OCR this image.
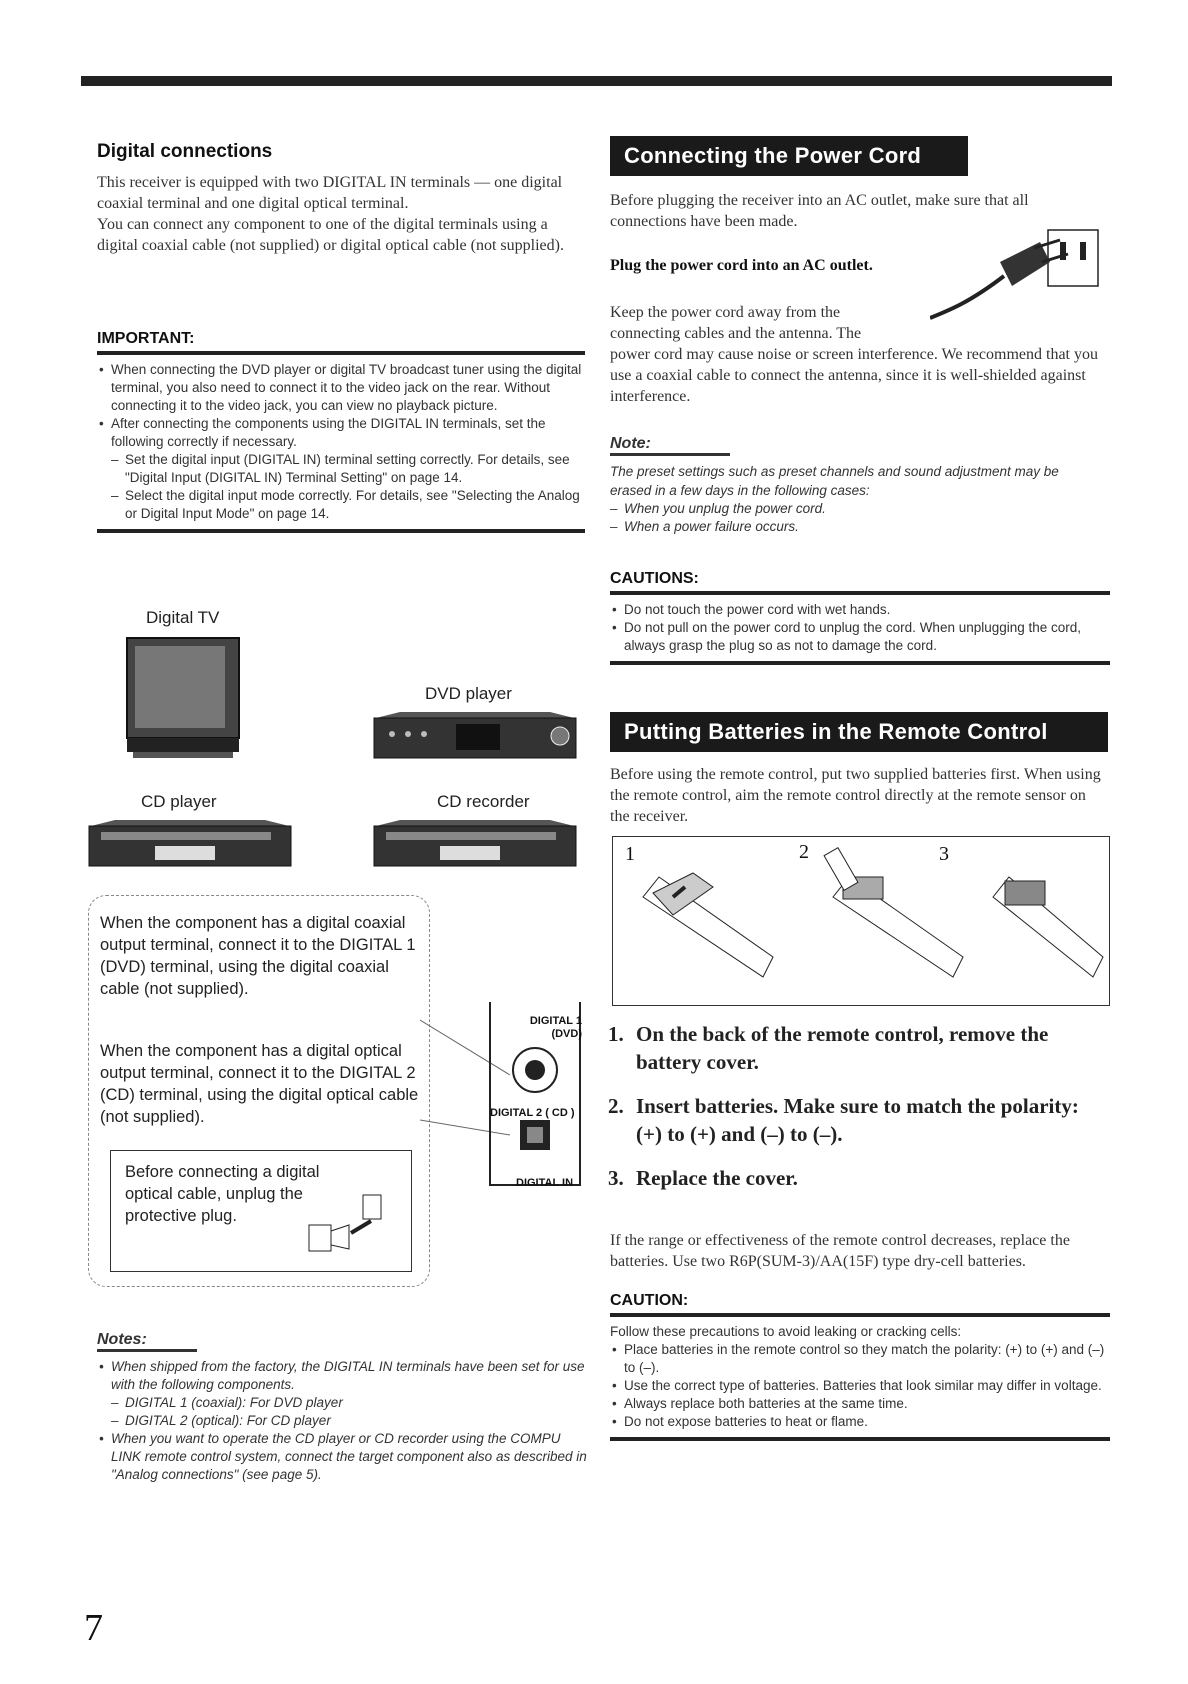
Digital connections

This receiver is equipped with two DIGITAL IN terminals — one digital coaxial terminal and one digital optical terminal.

You can connect any component to one of the digital terminals using a digital coaxial cable (not supplied) or digital optical cable (not supplied).

IMPORTANT:
• When connecting the DVD player or digital TV broadcast tuner using the digital terminal, you also need to connect it to the video jack on the rear. Without connecting it to the video jack, you can view no playback picture.
• After connecting the components using the DIGITAL IN terminals, set the following correctly if necessary.
– Set the digital input (DIGITAL IN) terminal setting correctly. For details, see "Digital Input (DIGITAL IN) Terminal Setting" on page 14.
– Select the digital input mode correctly. For details, see "Selecting the Analog or Digital Input Mode" on page 14.
Digital TV
DVD player
CD player	CD recorder
When the component has a digital coaxial output terminal, connect it to the DIGITAL 1 (DVD) terminal, using the digital coaxial cable (not supplied).
When the component has a digital optical output terminal, connect it to the DIGITAL 2 (CD) terminal, using the digital optical cable (not supplied).
Before connecting a digital optical cable, unplug the protective plug.
DIGITAL 1
(DVD)
DIGITAL 2 ( CD )
DIGITAL IN
Notes:
• When shipped from the factory, the DIGITAL IN terminals have been set for use with the following components.
– DIGITAL 1 (coaxial): For DVD player
– DIGITAL 2 (optical): For CD player
• When you want to operate the CD player or CD recorder using the COMPU LINK remote control system, connect the target component also as described in "Analog connections" (see page 5).
Connecting the Power Cord

Before plugging the receiver into an AC outlet, make sure that all connections have been made.

Plug the power cord into an AC outlet.

Keep the power cord away from the connecting cables and the antenna. The

power cord may cause noise or screen interference. We recommend that you use a coaxial cable to connect the antenna, since it is well-shielded against interference.

Note:
The preset settings such as preset channels and sound adjustment may be erased in a few days in the following cases:
– When you unplug the power cord.
– When a power failure occurs.
CAUTIONS:
• Do not touch the power cord with wet hands.
• Do not pull on the power cord to unplug the cord. When unplugging the cord, always grasp the plug so as not to damage the cord.
Putting Batteries in the Remote Control

Before using the remote control, put two supplied batteries first. When using the remote control, aim the remote control directly at the remote sensor on the receiver.

1	2	3
1. On the back of the remote control, remove the battery cover.
2. Insert batteries. Make sure to match the polarity: (+) to (+) and (–) to (–).
3. Replace the cover.

If the range or effectiveness of the remote control decreases, replace the batteries. Use two R6P(SUM-3)/AA(15F) type dry-cell batteries.

CAUTION:
Follow these precautions to avoid leaking or cracking cells:
• Place batteries in the remote control so they match the polarity: (+) to (+) and (–) to (–).
• Use the correct type of batteries. Batteries that look similar may differ in voltage.
• Always replace both batteries at the same time.
• Do not expose batteries to heat or flame.
7
